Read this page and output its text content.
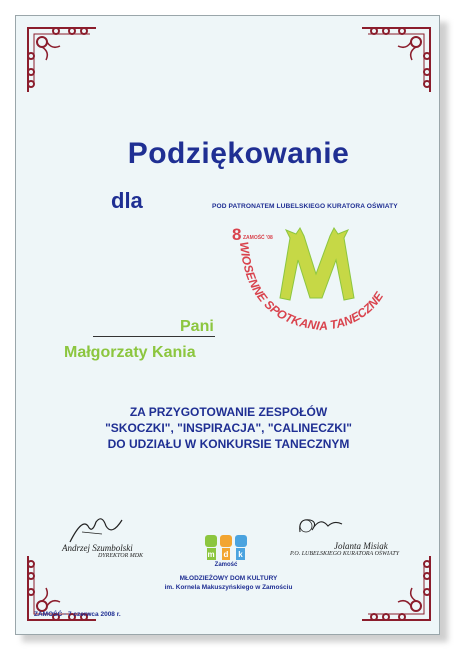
Podziękowanie
dla	POD PATRONATEM LUBELSKIEGO KURATORA OŚWIATY
8 ZAMOŚĆ '08
WIOSENNE SPOTKANIA TANECZNE
Pani
Małgorzaty Kania
ZA PRZYGOTOWANIE ZESPOŁÓW
"SKOCZKI", "INSPIRACJA", "CALINECZKI"
DO UDZIAŁU W KONKURSIE TANECZNYM
Andrzej Szumbolski
DYREKTOR MDK
Jolanta Misiak
P.O. LUBELSKIEGO KURATORA OŚWIATY
m d k
Zamość
MŁODZIEŻOWY DOM KULTURY
im. Kornela Makuszyńskiego w Zamościu
ZAMOŚĆ - 7 czerwca 2008 r.
